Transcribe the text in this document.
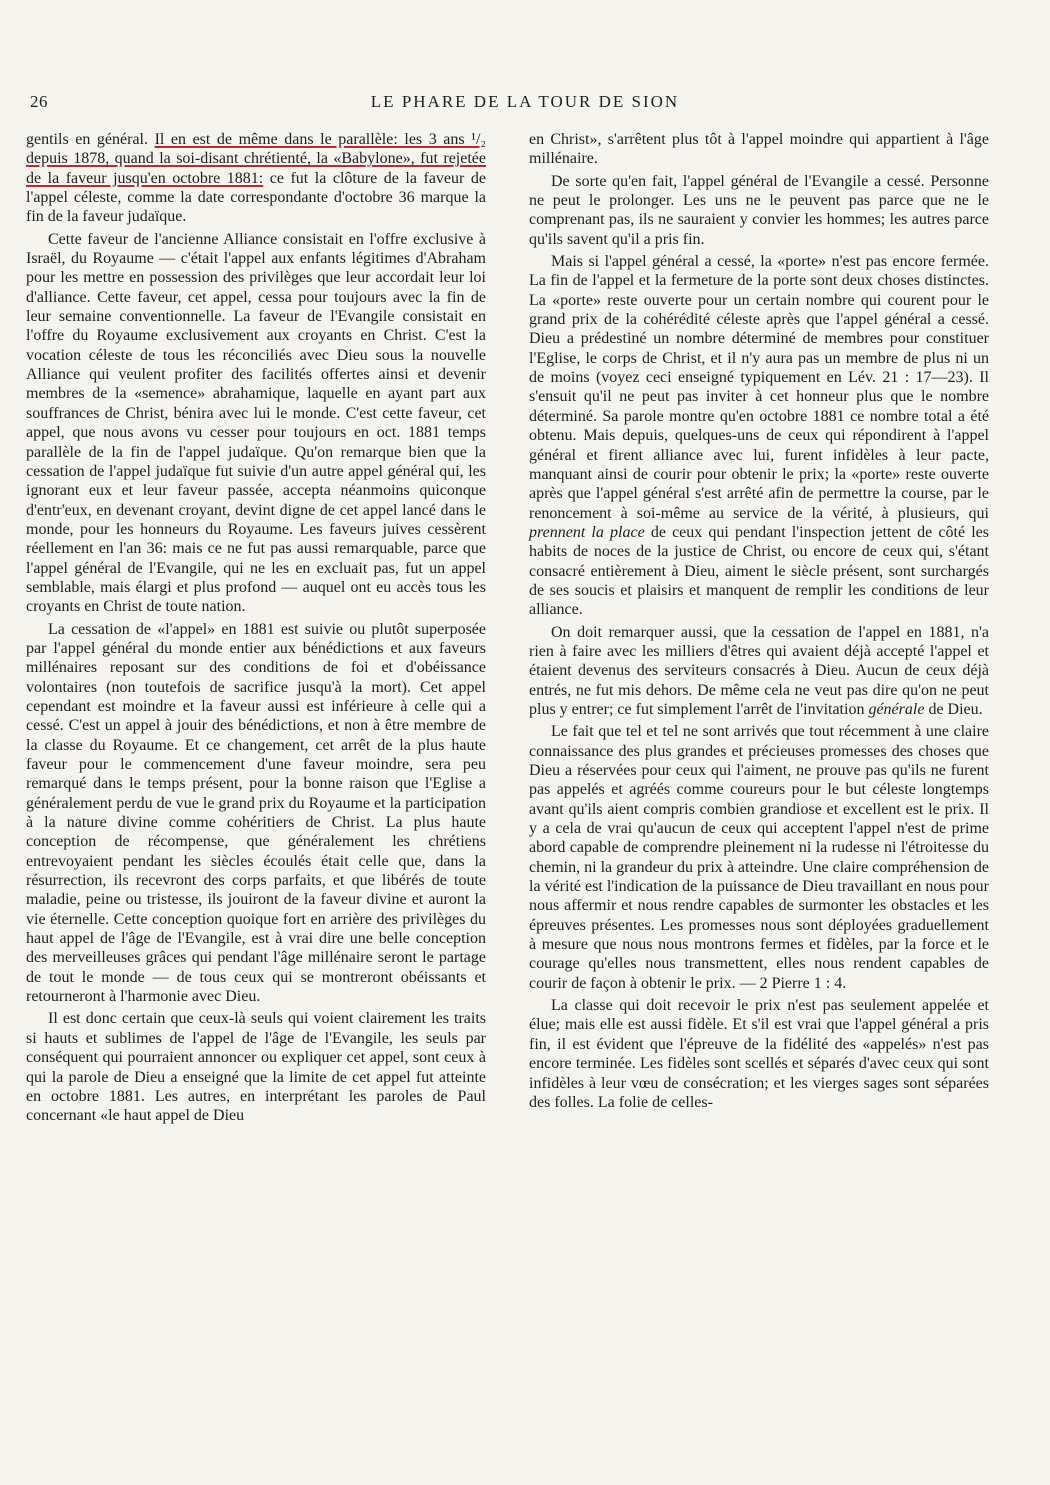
26	LE PHARE DE LA TOUR DE SION

gentils en général. Il en est de même dans le parallèle: les 3 ans ¹/₂ depuis 1878, quand la soi-disant chrétienté, la «Babylone», fut rejetée de la faveur jusqu'en octobre 1881: ce fut la clôture de la faveur de l'appel céleste, comme la date correspondante d'octobre 36 marque la fin de la faveur judaïque.

Cette faveur de l'ancienne Alliance consistait en l'offre exclusive à Israël, du Royaume — c'était l'appel aux enfants légitimes d'Abraham pour les mettre en possession des privilèges que leur accordait leur loi d'alliance. Cette faveur, cet appel, cessa pour toujours avec la fin de leur semaine conventionnelle. La faveur de l'Evangile consistait en l'offre du Royaume exclusivement aux croyants en Christ. C'est la vocation céleste de tous les réconciliés avec Dieu sous la nouvelle Alliance qui veulent profiter des facilités offertes ainsi et devenir membres de la «semence» abrahamique, laquelle en ayant part aux souffrances de Christ, bénira avec lui le monde. C'est cette faveur, cet appel, que nous avons vu cesser pour toujours en oct. 1881 temps parallèle de la fin de l'appel judaïque. Qu'on remarque bien que la cessation de l'appel judaïque fut suivie d'un autre appel général qui, les ignorant eux et leur faveur passée, accepta néanmoins quiconque d'entr'eux, en devenant croyant, devint digne de cet appel lancé dans le monde, pour les honneurs du Royaume. Les faveurs juives cessèrent réellement en l'an 36: mais ce ne fut pas aussi remarquable, parce que l'appel général de l'Evangile, qui ne les en excluait pas, fut un appel semblable, mais élargi et plus profond — auquel ont eu accès tous les croyants en Christ de toute nation.

La cessation de «l'appel» en 1881 est suivie ou plutôt superposée par l'appel général du monde entier aux bénédictions et aux faveurs millénaires reposant sur des conditions de foi et d'obéissance volontaires (non toutefois de sacrifice jusqu'à la mort). Cet appel cependant est moindre et la faveur aussi est inférieure à celle qui a cessé. C'est un appel à jouir des bénédictions, et non à être membre de la classe du Royaume. Et ce changement, cet arrêt de la plus haute faveur pour le commencement d'une faveur moindre, sera peu remarqué dans le temps présent, pour la bonne raison que l'Eglise a généralement perdu de vue le grand prix du Royaume et la participation à la nature divine comme cohéritiers de Christ. La plus haute conception de récompense, que généralement les chrétiens entrevoyaient pendant les siècles écoulés était celle que, dans la résurrection, ils recevront des corps parfaits, et que libérés de toute maladie, peine ou tristesse, ils jouiront de la faveur divine et auront la vie éternelle. Cette conception quoique fort en arrière des privilèges du haut appel de l'âge de l'Evangile, est à vrai dire une belle conception des merveilleuses grâces qui pendant l'âge millénaire seront le partage de tout le monde — de tous ceux qui se montreront obéissants et retourneront à l'harmonie avec Dieu.

Il est donc certain que ceux-là seuls qui voient clairement les traits si hauts et sublimes de l'appel de l'âge de l'Evangile, les seuls par conséquent qui pourraient annoncer ou expliquer cet appel, sont ceux à qui la parole de Dieu a enseigné que la limite de cet appel fut atteinte en octobre 1881. Les autres, en interprétant les paroles de Paul concernant «le haut appel de Dieu

en Christ», s'arrêtent plus tôt à l'appel moindre qui appartient à l'âge millénaire.

De sorte qu'en fait, l'appel général de l'Evangile a cessé. Personne ne peut le prolonger. Les uns ne le peuvent pas parce que ne le comprenant pas, ils ne sauraient y convier les hommes; les autres parce qu'ils savent qu'il a pris fin.

Mais si l'appel général a cessé, la «porte» n'est pas encore fermée. La fin de l'appel et la fermeture de la porte sont deux choses distinctes. La «porte» reste ouverte pour un certain nombre qui courent pour le grand prix de la cohérédité céleste après que l'appel général a cessé. Dieu a prédestiné un nombre déterminé de membres pour constituer l'Eglise, le corps de Christ, et il n'y aura pas un membre de plus ni un de moins (voyez ceci enseigné typiquement en Lév. 21 : 17—23). Il s'ensuit qu'il ne peut pas inviter à cet honneur plus que le nombre déterminé. Sa parole montre qu'en octobre 1881 ce nombre total a été obtenu. Mais depuis, quelques-uns de ceux qui répondirent à l'appel général et firent alliance avec lui, furent infidèles à leur pacte, manquant ainsi de courir pour obtenir le prix; la «porte» reste ouverte après que l'appel général s'est arrêté afin de permettre la course, par le renoncement à soi-même au service de la vérité, à plusieurs, qui prennent la place de ceux qui pendant l'inspection jettent de côté les habits de noces de la justice de Christ, ou encore de ceux qui, s'étant consacré entièrement à Dieu, aiment le siècle présent, sont surchargés de ses soucis et plaisirs et manquent de remplir les conditions de leur alliance.

On doit remarquer aussi, que la cessation de l'appel en 1881, n'a rien à faire avec les milliers d'êtres qui avaient déjà accepté l'appel et étaient devenus des serviteurs consacrés à Dieu. Aucun de ceux déjà entrés, ne fut mis dehors. De même cela ne veut pas dire qu'on ne peut plus y entrer; ce fut simplement l'arrêt de l'invitation générale de Dieu.

Le fait que tel et tel ne sont arrivés que tout récemment à une claire connaissance des plus grandes et précieuses promesses des choses que Dieu a réservées pour ceux qui l'aiment, ne prouve pas qu'ils ne furent pas appelés et agréés comme coureurs pour le but céleste longtemps avant qu'ils aient compris combien grandiose et excellent est le prix. Il y a cela de vrai qu'aucun de ceux qui acceptent l'appel n'est de prime abord capable de comprendre pleinement ni la rudesse ni l'étroitesse du chemin, ni la grandeur du prix à atteindre. Une claire compréhension de la vérité est l'indication de la puissance de Dieu travaillant en nous pour nous affermir et nous rendre capables de surmonter les obstacles et les épreuves présentes. Les promesses nous sont déployées graduellement à mesure que nous nous montrons fermes et fidèles, par la force et le courage qu'elles nous transmettent, elles nous rendent capables de courir de façon à obtenir le prix. — 2 Pierre 1 : 4.

La classe qui doit recevoir le prix n'est pas seulement appelée et élue; mais elle est aussi fidèle. Et s'il est vrai que l'appel général a pris fin, il est évident que l'épreuve de la fidélité des «appelés» n'est pas encore terminée. Les fidèles sont scellés et séparés d'avec ceux qui sont infidèles à leur vœu de consécration; et les vierges sages sont séparées des folles. La folie de celles-
